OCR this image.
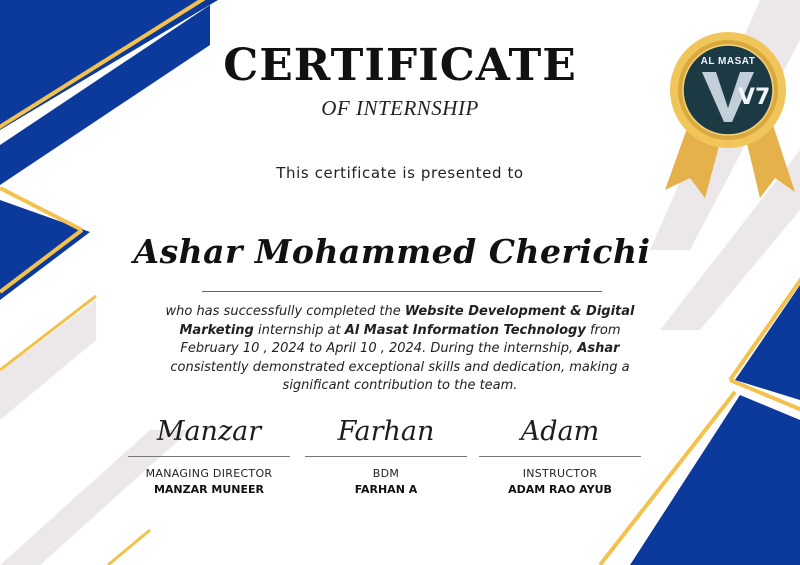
V7
AL MASAT
CERTIFICATE
OF INTERNSHIP
This certificate is presented to
Ashar Mohammed Cherichi
who has successfully completed the Website Development & Digital Marketing internship at Al Masat Information Technology from February 10 , 2024 to April 10 , 2024. During the internship, Ashar consistently demonstrated exceptional skills and dedication, making a significant contribution to the team.
Manzar
MANAGING DIRECTOR
MANZAR MUNEER
Farhan
BDM
FARHAN A
Adam
INSTRUCTOR
ADAM RAO AYUB
